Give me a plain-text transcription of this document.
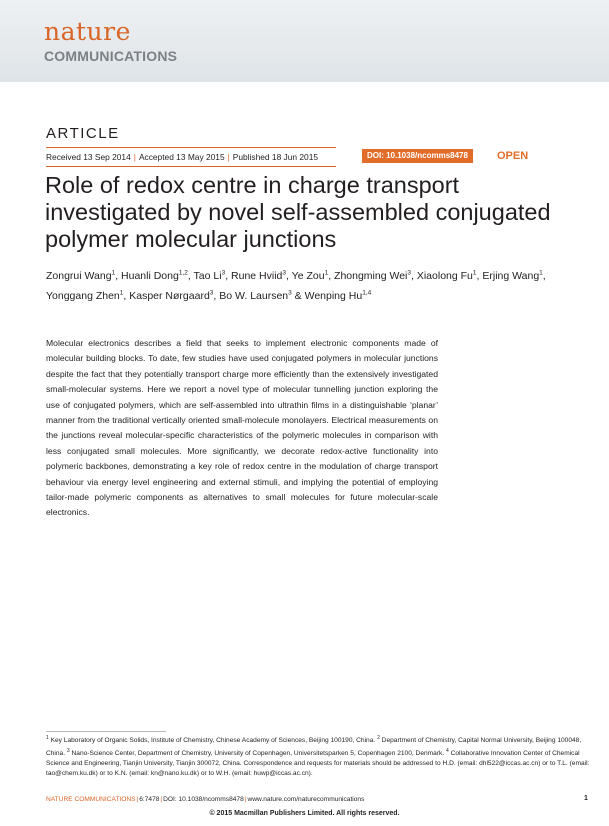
nature
COMMUNICATIONS
ARTICLE
Received 13 Sep 2014 | Accepted 13 May 2015 | Published 18 Jun 2015	DOI: 10.1038/ncomms8478	OPEN
Role of redox centre in charge transport investigated by novel self-assembled conjugated polymer molecular junctions
Zongrui Wang$^1$, Huanli Dong$^{1,2}$, Tao Li$^3$, Rune Hviid$^3$, Ye Zou$^1$, Zhongming Wei$^3$, Xiaolong Fu$^1$, Erjing Wang$^1$, Yonggang Zhen$^1$, Kasper Nørgaard$^3$, Bo W. Laursen$^3$ & Wenping Hu$^{1,4}$
Molecular electronics describes a field that seeks to implement electronic components made of molecular building blocks. To date, few studies have used conjugated polymers in molecular junctions despite the fact that they potentially transport charge more efficiently than the extensively investigated small-molecular systems. Here we report a novel type of molecular tunnelling junction exploring the use of conjugated polymers, which are self-assembled into ultrathin films in a distinguishable ‘planar’ manner from the traditional vertically oriented small-molecule monolayers. Electrical measurements on the junctions reveal molecular-specific characteristics of the polymeric molecules in comparison with less conjugated small molecules. More significantly, we decorate redox-active functionality into polymeric backbones, demonstrating a key role of redox centre in the modulation of charge transport behaviour via energy level engineering and external stimuli, and implying the potential of employing tailor-made polymeric components as alternatives to small molecules for future molecular-scale electronics.
$^1$ Key Laboratory of Organic Solids, Institute of Chemistry, Chinese Academy of Sciences, Beijing 100190, China. $^2$ Department of Chemistry, Capital Normal University, Beijing 100048, China. $^3$ Nano-Science Center, Department of Chemistry, University of Copenhagen, Universitetsparken 5, Copenhagen 2100, Denmark. $^4$ Collaborative Innovation Center of Chemical Science and Engineering, Tianjin University, Tianjin 300072, China. Correspondence and requests for materials should be addressed to H.D. (email: dhl522@iccas.ac.cn) or to T.L. (email: tao@chem.ku.dk) or to K.N. (email: kn@nano.ku.dk) or to W.H. (email: huwp@iccas.ac.cn).
NATURE COMMUNICATIONS|6:7478|DOI: 10.1038/ncomms8478|www.nature.com/naturecommunications	1
© 2015 Macmillan Publishers Limited. All rights reserved.
